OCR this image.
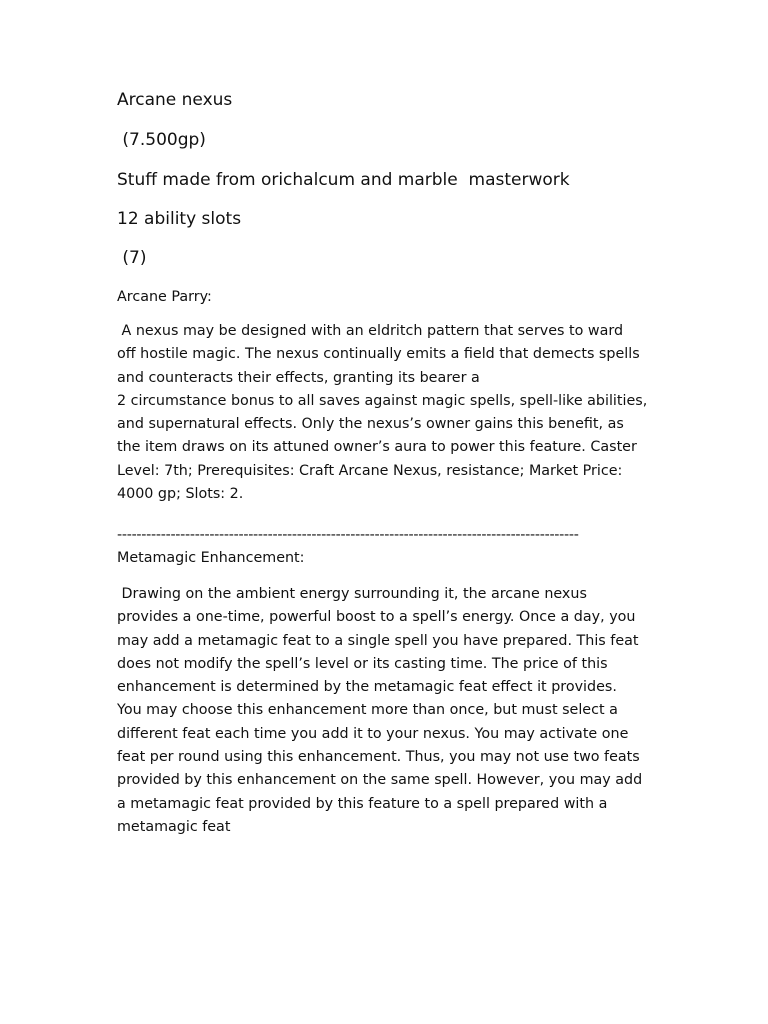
Arcane nexus

(7.500gp)

Stuff made from orichalcum and marble  masterwork

12 ability slots

(7)

Arcane Parry:

A nexus may be designed with an eldritch pattern that serves to ward

off hostile magic. The nexus continually emits a field that demects spells

and counteracts their effects, granting its bearer a

2 circumstance bonus to all saves against magic spells, spell-like abilities,

and supernatural effects. Only the nexus’s owner gains this benefit, as

the item draws on its attuned owner’s aura to power this feature. Caster

Level: 7th; Prerequisites: Craft Arcane Nexus, resistance; Market Price:

4000 gp; Slots: 2.

-----------------------------------------------------------------------------------------------

Metamagic Enhancement:

Drawing on the ambient energy surrounding it, the arcane nexus

provides a one-time, powerful boost to a spell’s energy. Once a day, you

may add a metamagic feat to a single spell you have prepared. This feat

does not modify the spell’s level or its casting time. The price of this

enhancement is determined by the metamagic feat effect it provides.

You may choose this enhancement more than once, but must select a

different feat each time you add it to your nexus. You may activate one

feat per round using this enhancement. Thus, you may not use two feats

provided by this enhancement on the same spell. However, you may add

a metamagic feat provided by this feature to a spell prepared with a

metamagic feat
